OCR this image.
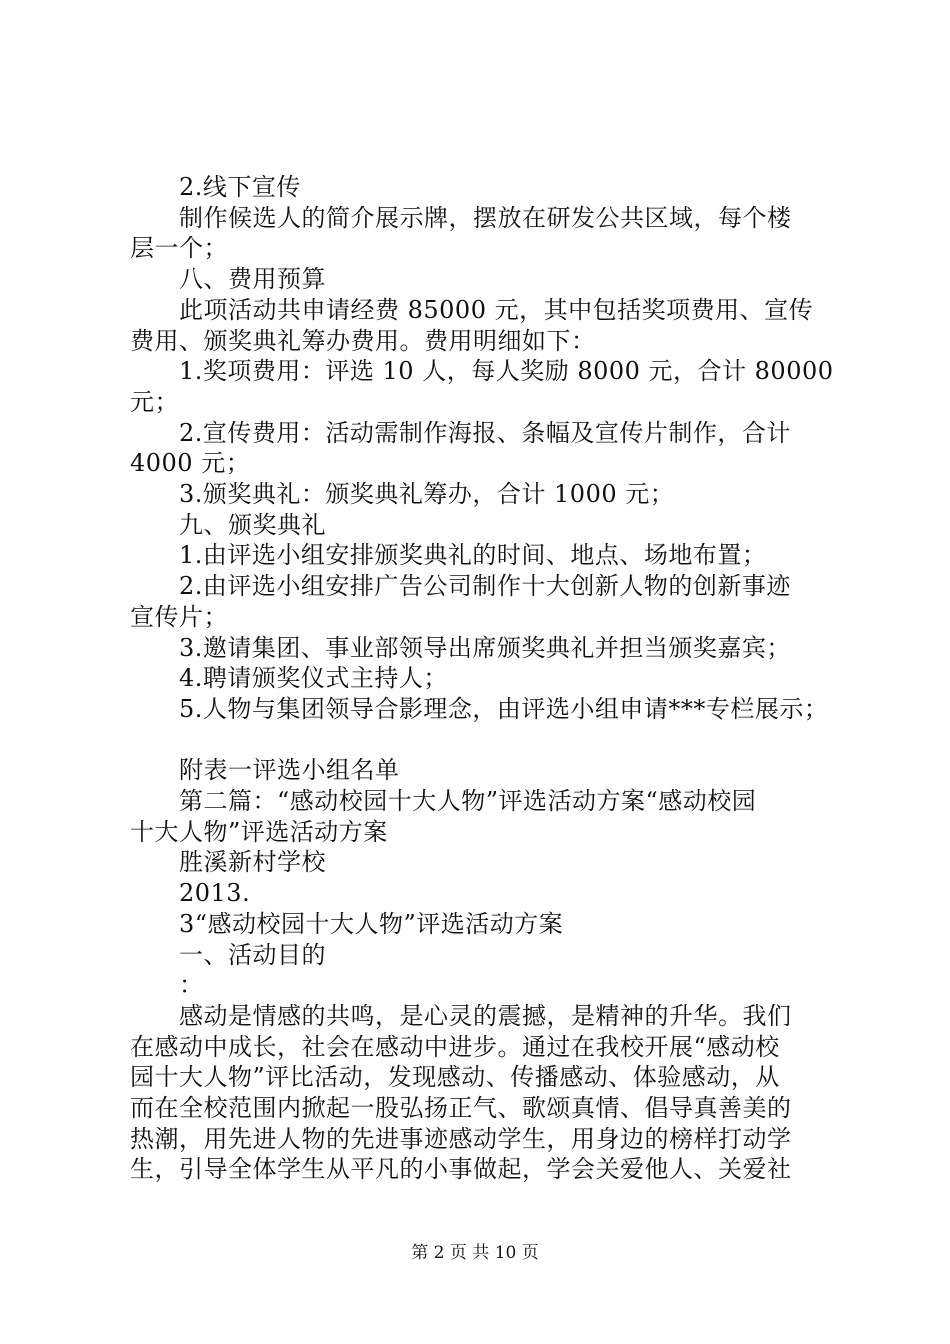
2.线下宣传
制作候选人的简介展示牌，摆放在研发公共区域，每个楼
层一个；
八、费用预算
此项活动共申请经费 85000 元，其中包括奖项费用、宣传
费用、颁奖典礼筹办费用。费用明细如下：
1.奖项费用：评选 10 人，每人奖励 8000 元，合计 80000
元；
2.宣传费用：活动需制作海报、条幅及宣传片制作，合计
4000 元；
3.颁奖典礼：颁奖典礼筹办，合计 1000 元；
九、颁奖典礼
1.由评选小组安排颁奖典礼的时间、地点、场地布置；
2.由评选小组安排广告公司制作十大创新人物的创新事迹
宣传片；
3.邀请集团、事业部领导出席颁奖典礼并担当颁奖嘉宾；
4.聘请颁奖仪式主持人；
5.人物与集团领导合影理念，由评选小组申请***专栏展示；
附表一评选小组名单
第二篇：“感动校园十大人物”评选活动方案“感动校园
十大人物”评选活动方案
胜溪新村学校
2013.
3“感动校园十大人物”评选活动方案
一、活动目的
：
感动是情感的共鸣，是心灵的震撼，是精神的升华。我们
在感动中成长，社会在感动中进步。通过在我校开展“感动校
园十大人物”评比活动，发现感动、传播感动、体验感动，从
而在全校范围内掀起一股弘扬正气、歌颂真情、倡导真善美的
热潮，用先进人物的先进事迹感动学生，用身边的榜样打动学
生，引导全体学生从平凡的小事做起，学会关爱他人、关爱社
第 2 页 共 10 页
